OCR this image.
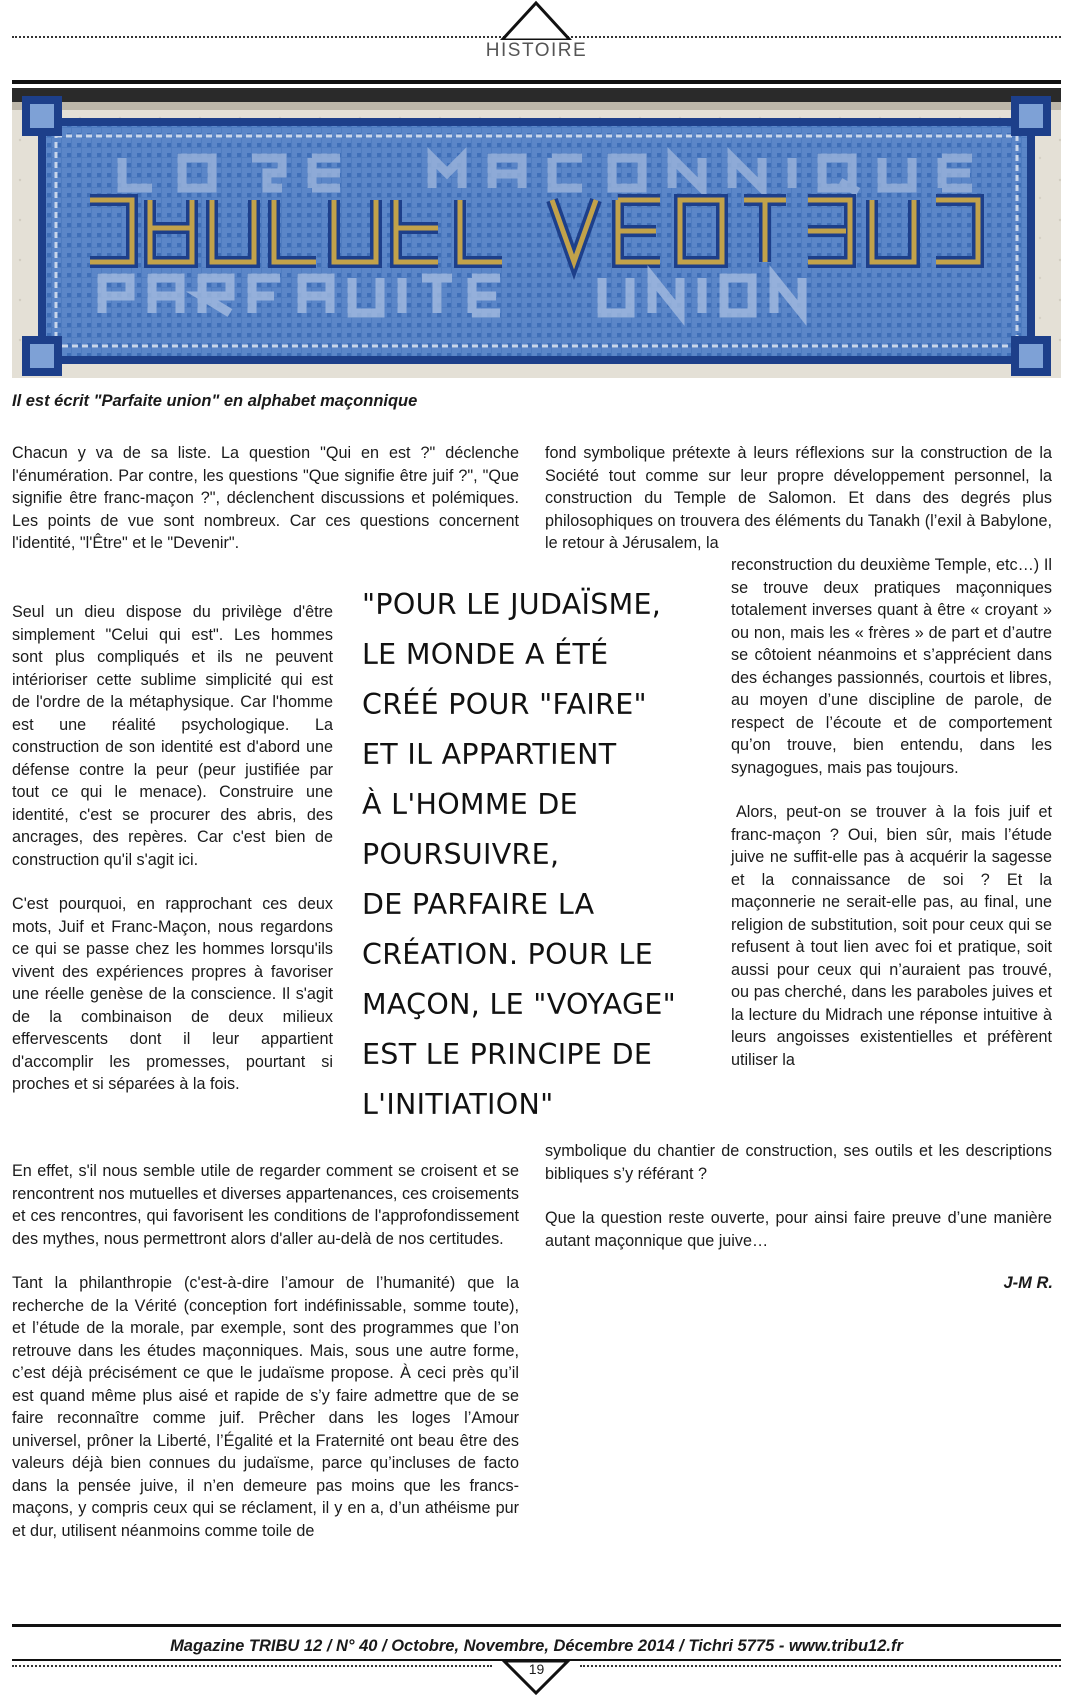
HISTOIRE
Il est écrit "Parfaite union" en alphabet maçonnique

Chacun y va de sa liste. La question "Qui en est ?" déclenche l'énumération. Par contre, les questions "Que signifie être juif ?", "Que signifie être franc-maçon ?", déclenchent discussions et polémiques. Les points de vue sont nombreux. Car ces questions concernent l'identité, "l'Être" et le "Devenir".

Seul un dieu dispose du privilège d'être simplement "Celui qui est". Les hommes sont plus compliqués et ils ne peuvent intérioriser cette sublime simplicité qui est de l'ordre de la métaphysique. Car l'homme est une réalité psychologique. La construction de son identité est d'abord une défense contre la peur (peur justifiée par tout ce qui le menace). Construire une identité, c'est se procurer des abris, des ancrages, des repères. Car c'est bien de construction qu'il s'agit ici.

C'est pourquoi, en rapprochant ces deux mots, Juif et Franc-Maçon, nous regardons ce qui se passe chez les hommes lorsqu'ils vivent des expériences propres à favoriser une réelle genèse de la conscience. Il s'agit de la combinaison de deux milieux effervescents dont il leur appartient d'accomplir les promesses, pourtant si proches et si séparées à la fois.

En effet, s'il nous semble utile de regarder comment se croisent et se rencontrent nos mutuelles et diverses appartenances, ces croisements et ces rencontres, qui favorisent les conditions de l'approfondissement des mythes, nous permettront alors d'aller au-delà de nos certitudes.

Tant la philanthropie (c'est-à-dire l’amour de l’humanité) que la recherche de la Vérité (conception fort indéfinissable, somme toute), et l’étude de la morale, par exemple, sont des programmes que l’on retrouve dans les études maçonniques. Mais, sous une autre forme, c’est déjà précisément ce que le judaïsme propose. À ceci près qu’il est quand même plus aisé et rapide de s’y faire admettre que de se faire reconnaître comme juif. Prêcher dans les loges l’Amour universel, prôner la Liberté, l’Égalité et la Fraternité ont beau être des valeurs déjà bien connues du judaïsme, parce qu’incluses de facto dans la pensée juive, il n’en demeure pas moins que les francs-maçons, y compris ceux qui se réclament, il y en a, d’un athéisme pur et dur, utilisent néanmoins comme toile de

"POUR LE JUDAÏSME,
LE MONDE A ÉTÉ
CRÉÉ POUR "FAIRE"
ET IL APPARTIENT
À L'HOMME DE
POURSUIVRE,
DE PARFAIRE LA
CRÉATION. POUR LE
MAÇON, LE "VOYAGE"
EST LE PRINCIPE DE
L'INITIATION"

fond symbolique prétexte à leurs réflexions sur la construction de la Société tout comme sur leur propre développement personnel, la construction du Temple de Salomon. Et dans des degrés plus philosophiques on trouvera des éléments du Tanakh (l’exil à Babylone, le retour à Jérusalem, la

reconstruction du deuxième Temple, etc…) Il se trouve deux pratiques maçonniques totalement inverses quant à être « croyant » ou non, mais les « frères » de part et d’autre se côtoient néanmoins et s’apprécient dans des échanges passionnés, courtois et libres, au moyen d’une discipline de parole, de respect de l’écoute et de comportement qu’on trouve, bien entendu, dans les synagogues, mais pas toujours.

Alors, peut-on se trouver à la fois juif et franc-maçon ? Oui, bien sûr, mais l’étude juive ne suffit-elle pas à acquérir la sagesse et la connaissance de soi ? Et la maçonnerie ne serait-elle pas, au final, une religion de substitution, soit pour ceux qui se refusent à tout lien avec foi et pratique, soit aussi pour ceux qui n’auraient pas trouvé, ou pas cherché, dans les paraboles juives et la lecture du Midrach une réponse intuitive à leurs angoisses existentielles et préfèrent utiliser la

symbolique du chantier de construction, ses outils et les descriptions bibliques s’y référant ?

Que la question reste ouverte, pour ainsi faire preuve d’une manière autant maçonnique que juive…

J-M R.
Magazine TRIBU 12 / N° 40 / Octobre, Novembre, Décembre 2014 / Tichri 5775 - www.tribu12.fr
19
